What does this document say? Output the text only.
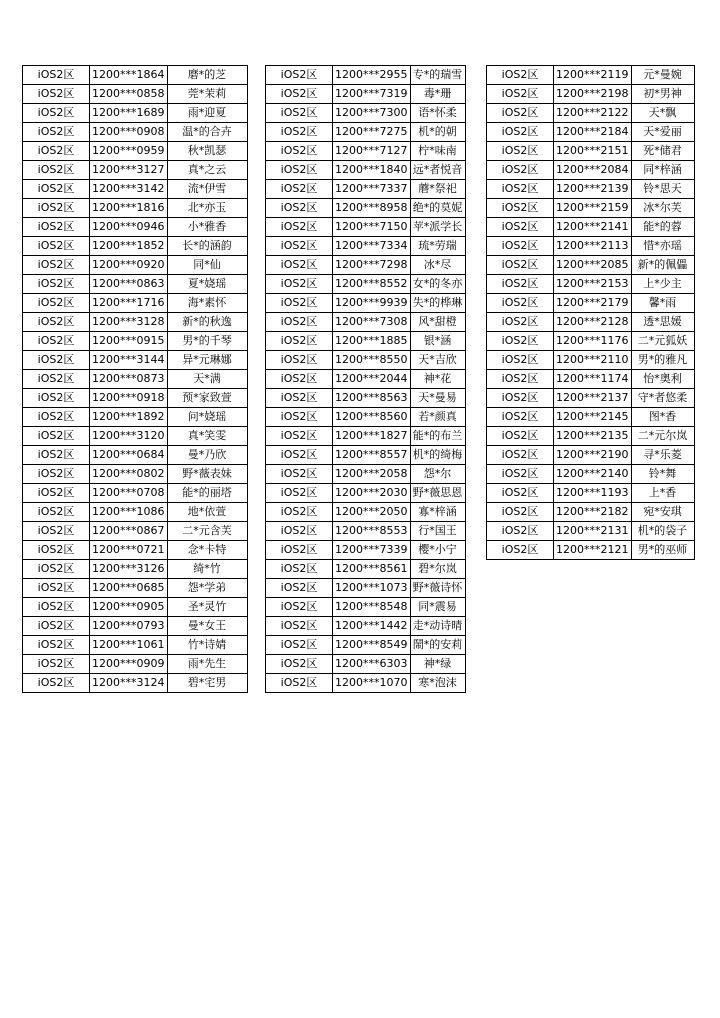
iOS2区	1200***1864	磨*的芝
iOS2区	1200***0858	莞*茉莉
iOS2区	1200***1689	雨*迎夏
iOS2区	1200***0908	温*的合卉
iOS2区	1200***0959	秋*凯瑟
iOS2区	1200***3127	真*之云
iOS2区	1200***3142	流*伊雪
iOS2区	1200***1816	北*亦玉
iOS2区	1200***0946	小*雅香
iOS2区	1200***1852	长*的涵韵
iOS2区	1200***0920	同*仙
iOS2区	1200***0863	夏*娆瑶
iOS2区	1200***1716	海*素怀
iOS2区	1200***3128	新*的秋逸
iOS2区	1200***0915	男*的千琴
iOS2区	1200***3144	异*元琳娜
iOS2区	1200***0873	天*满
iOS2区	1200***0918	预*家致萱
iOS2区	1200***1892	问*娆瑶
iOS2区	1200***3120	真*笑雯
iOS2区	1200***0684	曼*乃欣
iOS2区	1200***0802	野*薇表妹
iOS2区	1200***0708	能*的丽塔
iOS2区	1200***1086	地*依萱
iOS2区	1200***0867	二*元含芙
iOS2区	1200***0721	念*卡特
iOS2区	1200***3126	绮*竹
iOS2区	1200***0685	怨*学弟
iOS2区	1200***0905	圣*灵竹
iOS2区	1200***0793	曼*女王
iOS2区	1200***1061	竹*诗婧
iOS2区	1200***0909	雨*先生
iOS2区	1200***3124	碧*宅男
iOS2区	1200***2955	专*的瑞雪
iOS2区	1200***7319	毒*珊
iOS2区	1200***7300	语*怀柔
iOS2区	1200***7275	机*的朝
iOS2区	1200***7127	柠*味南
iOS2区	1200***1840	远*者悦音
iOS2区	1200***7337	蘑*祭祀
iOS2区	1200***8958	绝*的莫妮
iOS2区	1200***7150	苹*派学长
iOS2区	1200***7334	琉*劳瑞
iOS2区	1200***7298	冰*尽
iOS2区	1200***8552	女*的冬亦
iOS2区	1200***9939	失*的桦琳
iOS2区	1200***7308	风*甜橙
iOS2区	1200***1885	银*涵
iOS2区	1200***8550	天*吉欣
iOS2区	1200***2044	神*花
iOS2区	1200***8563	天*曼易
iOS2区	1200***8560	若*颜真
iOS2区	1200***1827	能*的布兰
iOS2区	1200***8557	机*的绮梅
iOS2区	1200***2058	怨*尔
iOS2区	1200***2030	野*薇思恩
iOS2区	1200***2050	寡*梓涵
iOS2区	1200***8553	行*国王
iOS2区	1200***7339	樱*小宁
iOS2区	1200***8561	碧*尔岚
iOS2区	1200***1073	野*薇诗怀
iOS2区	1200***8548	同*震易
iOS2区	1200***1442	走*动诗晴
iOS2区	1200***8549	鬧*的安莉
iOS2区	1200***6303	神*绿
iOS2区	1200***1070	寒*泡沫
iOS2区	1200***2119	元*曼婉
iOS2区	1200***2198	初*男神
iOS2区	1200***2122	天*飘
iOS2区	1200***2184	天*爱丽
iOS2区	1200***2151	死*储君
iOS2区	1200***2084	同*梓涵
iOS2区	1200***2139	铃*思天
iOS2区	1200***2159	冰*尔芙
iOS2区	1200***2141	能*的蓉
iOS2区	1200***2113	惜*亦瑶
iOS2区	1200***2085	新*的佩儡
iOS2区	1200***2153	上*少主
iOS2区	1200***2179	馨*雨
iOS2区	1200***2128	透*思媛
iOS2区	1200***1176	二*元狐妖
iOS2区	1200***2110	男*的雅凡
iOS2区	1200***1174	怡*奥利
iOS2区	1200***2137	守*者悠柔
iOS2区	1200***2145	图*香
iOS2区	1200***2135	二*元尔岚
iOS2区	1200***2190	寻*乐菱
iOS2区	1200***2140	铃*舞
iOS2区	1200***1193	上*香
iOS2区	1200***2182	宛*安琪
iOS2区	1200***2131	机*的袋子
iOS2区	1200***2121	男*的巫师
